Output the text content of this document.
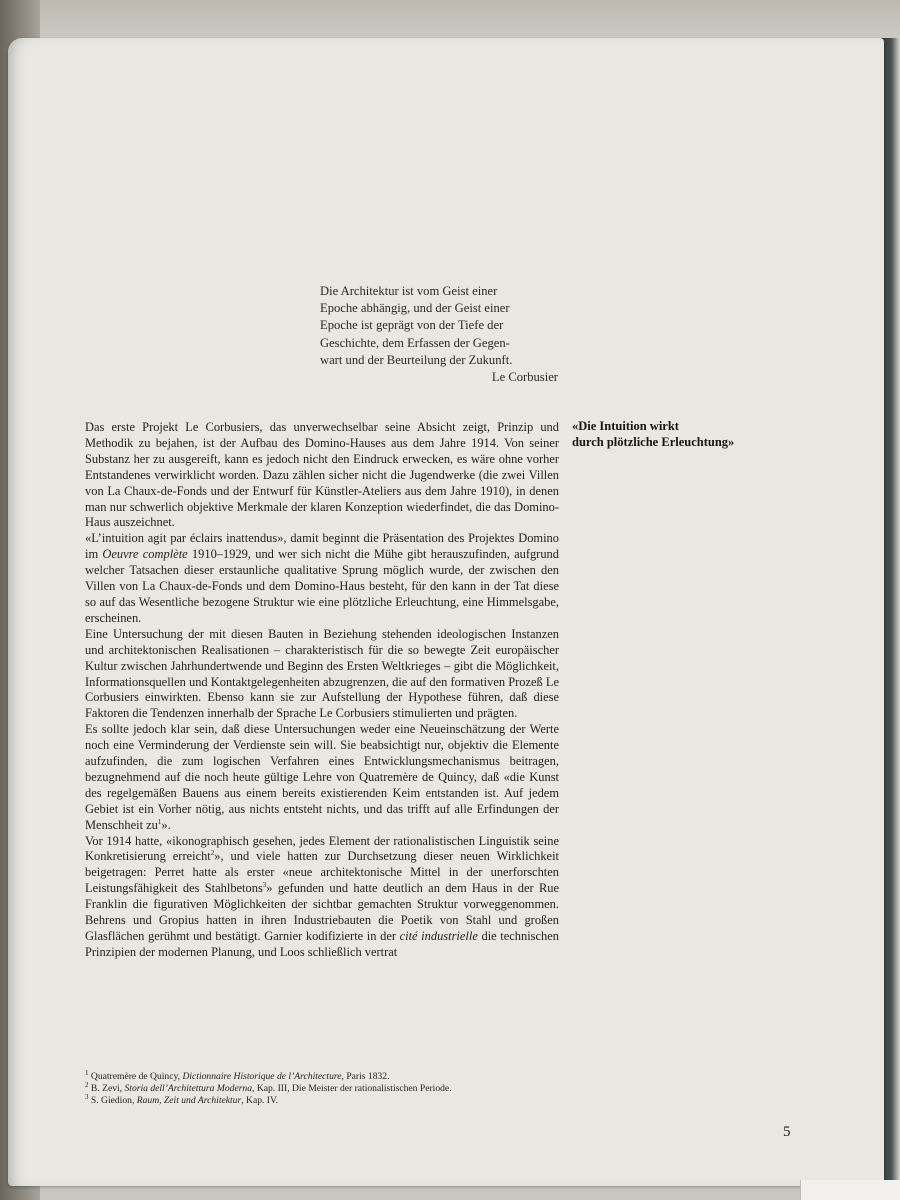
Die Architektur ist vom Geist einer
Epoche abhängig, und der Geist einer
Epoche ist geprägt von der Tiefe der
Geschichte, dem Erfassen der Gegen-
wart und der Beurteilung der Zukunft.
Le Corbusier
«Die Intuition wirkt
durch plötzliche Erleuchtung»

Das erste Projekt Le Corbusiers, das unverwechselbar seine Absicht zeigt, Prinzip und Methodik zu bejahen, ist der Aufbau des Domino-Hauses aus dem Jahre 1914. Von seiner Substanz her zu ausgereift, kann es jedoch nicht den Eindruck erwecken, es wäre ohne vorher Entstandenes verwirklicht worden. Dazu zählen sicher nicht die Jugendwerke (die zwei Villen von La Chaux-de-Fonds und der Entwurf für Künstler-Ateliers aus dem Jahre 1910), in denen man nur schwerlich objektive Merkmale der klaren Konzeption wiederfindet, die das Domino-Haus auszeichnet.

«L’intuition agit par éclairs inattendus», damit beginnt die Präsentation des Projektes Domino im Oeuvre complète 1910–1929, und wer sich nicht die Mühe gibt herauszufinden, aufgrund welcher Tatsachen dieser erstaunliche qualitative Sprung möglich wurde, der zwischen den Villen von La Chaux-de-Fonds und dem Domino-Haus besteht, für den kann in der Tat diese so auf das Wesentliche bezogene Struktur wie eine plötzliche Erleuchtung, eine Himmelsgabe, erscheinen.

Eine Untersuchung der mit diesen Bauten in Beziehung stehenden ideologischen Instanzen und architektonischen Realisationen – charakteristisch für die so bewegte Zeit europäischer Kultur zwischen Jahrhundertwende und Beginn des Ersten Weltkrieges – gibt die Möglichkeit, Informationsquellen und Kontaktgelegenheiten abzugrenzen, die auf den formativen Prozeß Le Corbusiers einwirkten. Ebenso kann sie zur Aufstellung der Hypothese führen, daß diese Faktoren die Tendenzen innerhalb der Sprache Le Corbusiers stimulierten und prägten.

Es sollte jedoch klar sein, daß diese Untersuchungen weder eine Neueinschätzung der Werte noch eine Verminderung der Verdienste sein will. Sie beabsichtigt nur, objektiv die Elemente aufzufinden, die zum logischen Verfahren eines Entwicklungsmechanismus beitragen, bezugnehmend auf die noch heute gültige Lehre von Quatremère de Quincy, daß «die Kunst des regelgemäßen Bauens aus einem bereits existierenden Keim entstanden ist. Auf jedem Gebiet ist ein Vorher nötig, aus nichts entsteht nichts, und das trifft auf alle Erfindungen der Menschheit $zu^1$».

Vor 1914 hatte, «ikonographisch gesehen, jedes Element der rationalistischen Linguistik seine Konkretisierung erreicht$^2$», und viele hatten zur Durchsetzung dieser neuen Wirklichkeit beigetragen: Perret hatte als erster «neue architektonische Mittel in der unerforschten Leistungsfähigkeit des Stahlbetons$^3$» gefunden und hatte deutlich an dem Haus in der Rue Franklin die figurativen Möglichkeiten der sichtbar gemachten Struktur vorweggenommen. Behrens und Gropius hatten in ihren Industriebauten die Poetik von Stahl und großen Glasflächen gerühmt und bestätigt. Garnier kodifizierte in der cité industrielle die technischen Prinzipien der modernen Planung, und Loos schließlich vertrat

$^1$ Quatremère de Quincy, Dictionnaire Historique de l’Architecture, Paris 1832.
$^2$ B. Zevi, Storia dell’Architettura Moderna, Kap. III, Die Meister der rationalistischen Periode.
$^3$ S. Giedion, Raum, Zeit und Architektur, Kap. IV.
5
